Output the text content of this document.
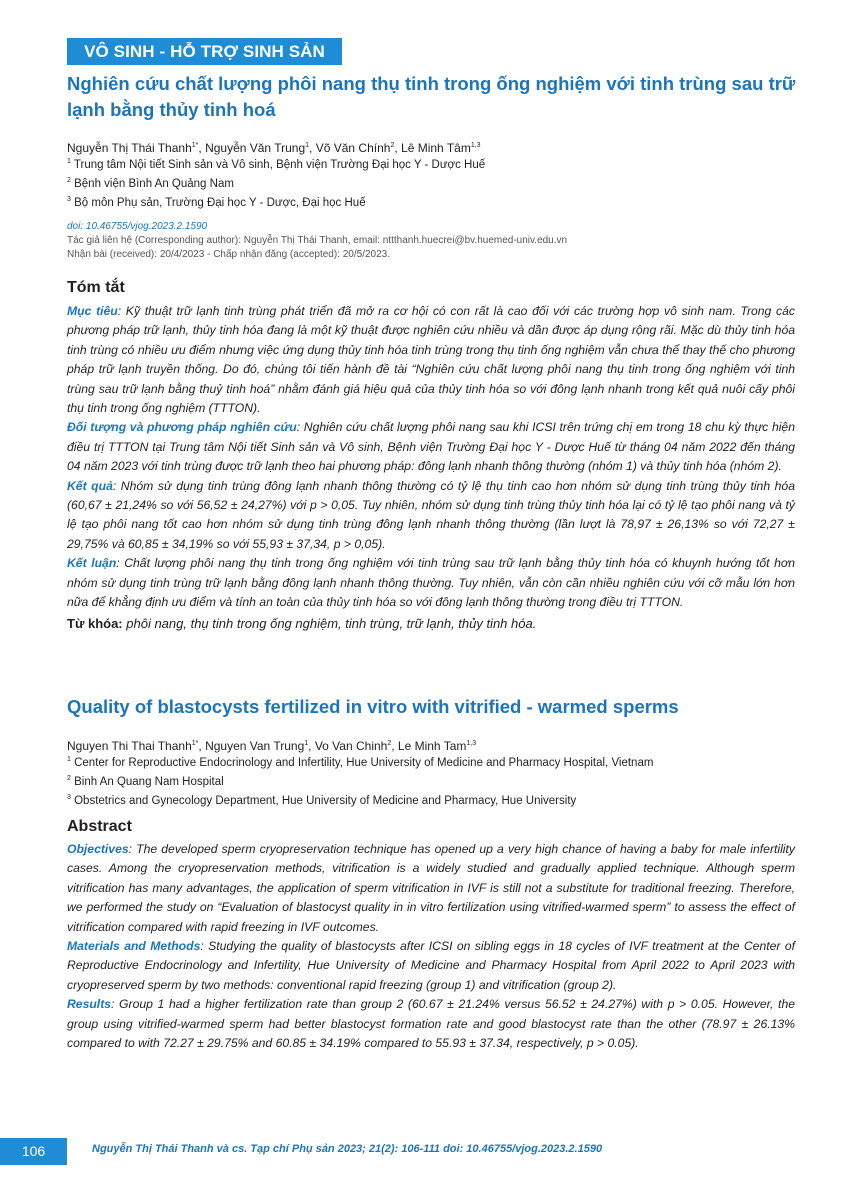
VÔ SINH - HỖ TRỢ SINH SẢN
Nghiên cứu chất lượng phôi nang thụ tinh trong ống nghiệm với tinh trùng sau trữ lạnh bằng thủy tinh hoá
Nguyễn Thị Thái Thanh$^{1*}$, Nguyễn Văn Trung$^1$, Võ Văn Chính$^2$, Lê Minh Tâm$^{1,3}$
$^1$ Trung tâm Nội tiết Sinh sản và Vô sinh, Bệnh viện Trường Đại học Y - Dược Huế
$^2$ Bệnh viện Bình An Quảng Nam
$^3$ Bộ môn Phụ sản, Trường Đại học Y - Dược, Đại học Huế
doi: 10.46755/vjog.2023.2.1590
Tác giả liên hệ (Corresponding author): Nguyễn Thị Thái Thanh, email: nttthanh.huecrei@bv.huemed-univ.edu.vn
Nhận bài (received): 20/4/2023 - Chấp nhận đăng (accepted): 20/5/2023.
Tóm tắt

Mục tiêu: Kỹ thuật trữ lạnh tinh trùng phát triển đã mở ra cơ hội có con rất là cao đối với các trường hợp vô sinh nam. Trong các phương pháp trữ lạnh, thủy tinh hóa đang là một kỹ thuật được nghiên cứu nhiều và dần được áp dụng rộng rãi. Mặc dù thủy tinh hóa tinh trùng có nhiều ưu điểm nhưng việc ứng dụng thủy tinh hóa tinh trùng trong thụ tinh ống nghiệm vẫn chưa thể thay thế cho phương pháp trữ lạnh truyền thống. Do đó, chúng tôi tiến hành đề tài “Nghiên cứu chất lượng phôi nang thụ tinh trong ống nghiệm với tinh trùng sau trữ lạnh bằng thuỷ tinh hoá” nhằm đánh giá hiệu quả của thủy tinh hóa so với đông lạnh nhanh trong kết quả nuôi cấy phôi thụ tinh trong ống nghiệm (TTTON).

Đối tượng và phương pháp nghiên cứu: Nghiên cứu chất lượng phôi nang sau khi ICSI trên trứng chị em trong 18 chu kỳ thực hiện điều trị TTTON tại Trung tâm Nội tiết Sinh sản và Vô sinh, Bệnh viện Trường Đại học Y - Dược Huế từ tháng 04 năm 2022 đến tháng 04 năm 2023 với tinh trùng được trữ lạnh theo hai phương pháp: đông lạnh nhanh thông thường (nhóm 1) và thủy tinh hóa (nhóm 2).

Kết quả: Nhóm sử dụng tinh trùng đông lạnh nhanh thông thường có tỷ lệ thụ tinh cao hơn nhóm sử dụng tinh trùng thủy tinh hóa (60,67 ± 21,24% so với 56,52 ± 24,27%) với p > 0,05. Tuy nhiên, nhóm sử dụng tinh trùng thủy tinh hóa lại có tỷ lệ tạo phôi nang và tỷ lệ tạo phôi nang tốt cao hơn nhóm sử dụng tinh trùng đông lạnh nhanh thông thường (lần lượt là 78,97 ± 26,13% so với 72,27 ± 29,75% và 60,85 ± 34,19% so với 55,93 ± 37,34, p > 0,05).

Kết luận: Chất lượng phôi nang thụ tinh trong ống nghiệm với tinh trùng sau trữ lạnh bằng thủy tinh hóa có khuynh hướng tốt hơn nhóm sử dụng tinh trùng trữ lạnh bằng đông lạnh nhanh thông thường. Tuy nhiên, vẫn còn cần nhiều nghiên cứu với cỡ mẫu lớn hơn nữa để khẳng định ưu điểm và tính an toàn của thủy tinh hóa so với đông lạnh thông thường trong điều trị TTTON.

Từ khóa: phôi nang, thụ tinh trong ống nghiệm, tinh trùng, trữ lạnh, thủy tinh hóa.

Quality of blastocysts fertilized in vitro with vitrified - warmed sperms
Nguyen Thi Thai Thanh$^{1*}$, Nguyen Van Trung$^1$, Vo Van Chinh$^2$, Le Minh Tam$^{1,3}$
$^1$ Center for Reproductive Endocrinology and Infertility, Hue University of Medicine and Pharmacy Hospital, Vietnam
$^2$ Binh An Quang Nam Hospital
$^3$ Obstetrics and Gynecology Department, Hue University of Medicine and Pharmacy, Hue University
Abstract

Objectives: The developed sperm cryopreservation technique has opened up a very high chance of having a baby for male infertility cases. Among the cryopreservation methods, vitrification is a widely studied and gradually applied technique. Although sperm vitrification has many advantages, the application of sperm vitrification in IVF is still not a substitute for traditional freezing. Therefore, we performed the study on “Evaluation of blastocyst quality in in vitro fertilization using vitrified-warmed sperm” to assess the effect of vitrification compared with rapid freezing in IVF outcomes.

Materials and Methods: Studying the quality of blastocysts after ICSI on sibling eggs in 18 cycles of IVF treatment at the Center of Reproductive Endocrinology and Infertility, Hue University of Medicine and Pharmacy Hospital from April 2022 to April 2023 with cryopreserved sperm by two methods: conventional rapid freezing (group 1) and vitrification (group 2).

Results: Group 1 had a higher fertilization rate than group 2 (60.67 ± 21.24% versus 56.52 ± 24.27%) with p > 0.05. However, the group using vitrified-warmed sperm had better blastocyst formation rate and good blastocyst rate than the other (78.97 ± 26.13% compared to with 72.27 ± 29.75% and 60.85 ± 34.19% compared to 55.93 ± 37.34, respectively, p > 0.05).

106	Nguyễn Thị Thái Thanh và cs. Tạp chí Phụ sản 2023; 21(2): 106-111 doi: 10.46755/vjog.2023.2.1590
